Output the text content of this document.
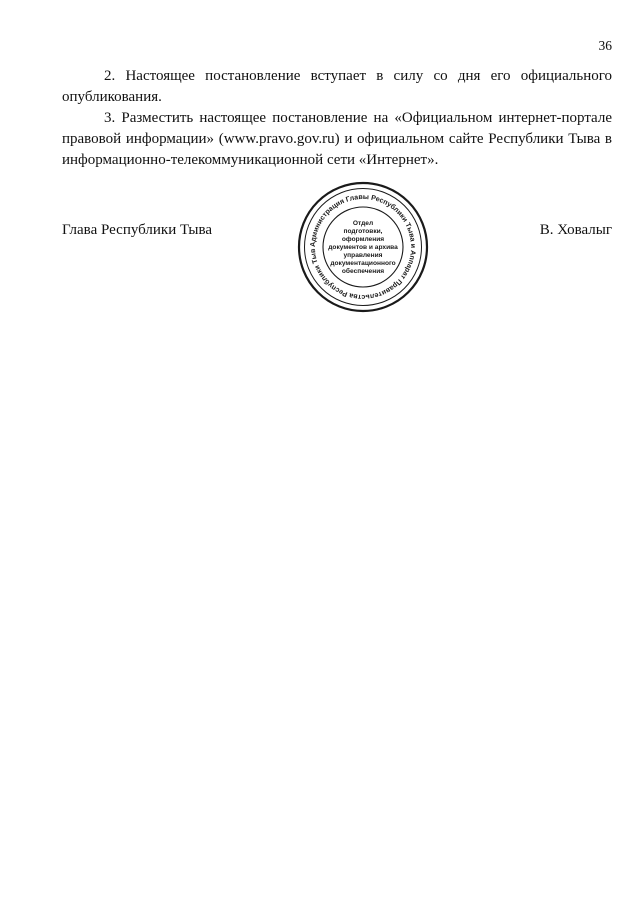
36

2. Настоящее постановление вступает в силу со дня его официального опубликования.

3. Разместить настоящее постановление на «Официальном интернет-портале правовой информации» (www.pravo.gov.ru) и официальном сайте Республики Тыва в информационно-телекоммуникационной сети «Интернет».

Глава Республики Тыва	В. Ховалыг
Администрация Главы Республики Тыва и Аппарат Правительства Республики Тыв
Отдел
подготовки,
оформления
документов и архива
управления
документационного
обеспечения
